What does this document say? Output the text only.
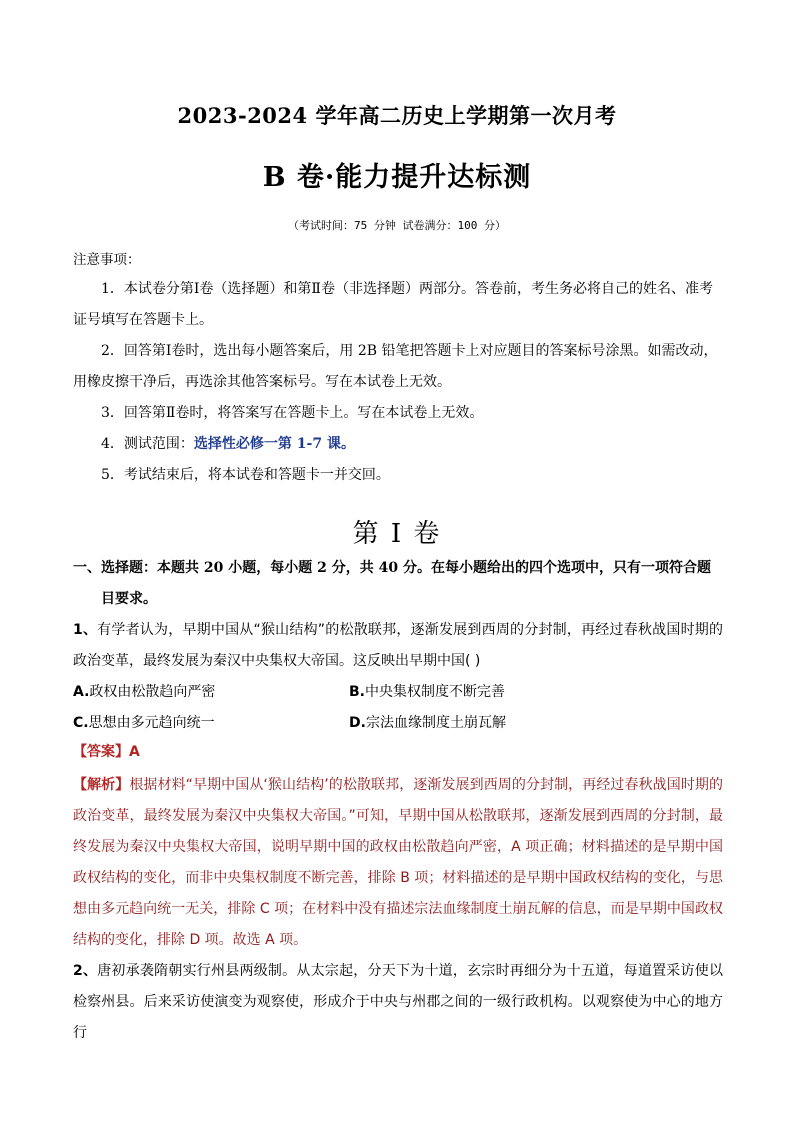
2023-2024 学年高二历史上学期第一次月考
B 卷·能力提升达标测
（考试时间：75 分钟 试卷满分：100 分）
注意事项：
1．本试卷分第Ⅰ卷（选择题）和第Ⅱ卷（非选择题）两部分。答卷前，考生务必将自己的姓名、准考证号填写在答题卡上。
2．回答第Ⅰ卷时，选出每小题答案后，用 2B 铅笔把答题卡上对应题目的答案标号涂黑。如需改动，用橡皮擦干净后，再选涂其他答案标号。写在本试卷上无效。
3．回答第Ⅱ卷时，将答案写在答题卡上。写在本试卷上无效。
4．测试范围：选择性必修一第 1-7 课。
5．考试结束后，将本试卷和答题卡一并交回。
第 Ⅰ 卷
一、选择题：本题共 20 小题，每小题 2 分，共 40 分。在每小题给出的四个选项中，只有一项符合题
目要求。
1、有学者认为，早期中国从“猴山结构”的松散联邦，逐渐发展到西周的分封制，再经过春秋战国时期的政治变革，最终发展为秦汉中央集权大帝国。这反映出早期中国( )
A.政权由松散趋向严密	B.中央集权制度不断完善
C.思想由多元趋向统一	D.宗法血缘制度土崩瓦解
【答案】A
【解析】根据材料“早期中国从‘猴山结构’的松散联邦，逐渐发展到西周的分封制，再经过春秋战国时期的政治变革，最终发展为秦汉中央集权大帝国。”可知，早期中国从松散联邦，逐渐发展到西周的分封制，最终发展为秦汉中央集权大帝国，说明早期中国的政权由松散趋向严密，A 项正确；材料描述的是早期中国政权结构的变化，而非中央集权制度不断完善，排除 B 项；材料描述的是早期中国政权结构的变化，与思想由多元趋向统一无关，排除 C 项；在材料中没有描述宗法血缘制度土崩瓦解的信息，而是早期中国政权结构的变化，排除 D 项。故选 A 项。
2、唐初承袭隋朝实行州县两级制。从太宗起，分天下为十道，玄宗时再细分为十五道，每道置采访使以检察州县。后来采访使演变为观察使，形成介于中央与州郡之间的一级行政机构。以观察使为中心的地方行
